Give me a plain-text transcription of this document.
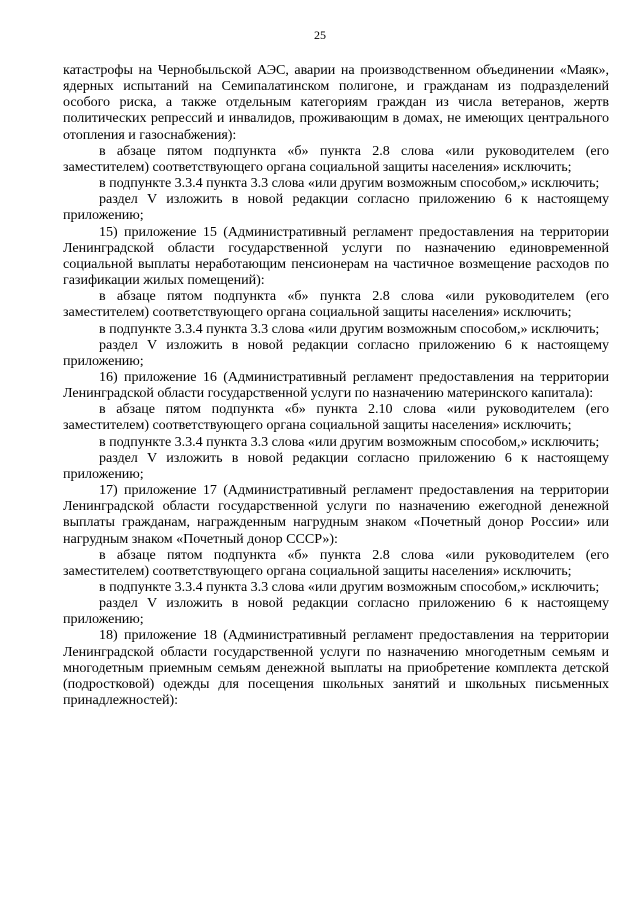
25

катастрофы на Чернобыльской АЭС, аварии на производственном объединении «Маяк», ядерных испытаний на Семипалатинском полигоне, и гражданам из подразделений особого риска, а также отдельным категориям граждан из числа ветеранов, жертв политических репрессий и инвалидов, проживающим в домах, не имеющих центрального отопления и газоснабжения):

в абзаце пятом подпункта «б» пункта 2.8 слова «или руководителем (его заместителем) соответствующего органа социальной защиты населения» исключить;

в подпункте 3.3.4 пункта 3.3 слова «или другим возможным способом,» исключить;

раздел V изложить в новой редакции согласно приложению 6 к настоящему приложению;

15) приложение 15 (Административный регламент предоставления на территории Ленинградской области государственной услуги по назначению единовременной социальной выплаты неработающим пенсионерам на частичное возмещение расходов по газификации жилых помещений):

в абзаце пятом подпункта «б» пункта 2.8 слова «или руководителем (его заместителем) соответствующего органа социальной защиты населения» исключить;

в подпункте 3.3.4 пункта 3.3 слова «или другим возможным способом,» исключить;

раздел V изложить в новой редакции согласно приложению 6 к настоящему приложению;

16) приложение 16 (Административный регламент предоставления на территории Ленинградской области государственной услуги по назначению материнского капитала):

в абзаце пятом подпункта «б» пункта 2.10 слова «или руководителем (его заместителем) соответствующего органа социальной защиты населения» исключить;

в подпункте 3.3.4 пункта 3.3 слова «или другим возможным способом,» исключить;

раздел V изложить в новой редакции согласно приложению 6 к настоящему приложению;

17) приложение 17 (Административный регламент предоставления на территории Ленинградской области государственной услуги по назначению ежегодной денежной выплаты гражданам, награжденным нагрудным знаком «Почетный донор России» или нагрудным знаком «Почетный донор СССР»):

в абзаце пятом подпункта «б» пункта 2.8 слова «или руководителем (его заместителем) соответствующего органа социальной защиты населения» исключить;

в подпункте 3.3.4 пункта 3.3 слова «или другим возможным способом,» исключить;

раздел V изложить в новой редакции согласно приложению 6 к настоящему приложению;

18) приложение 18 (Административный регламент предоставления на территории Ленинградской области государственной услуги по назначению многодетным семьям и многодетным приемным семьям денежной выплаты на приобретение комплекта детской (подростковой) одежды для посещения школьных занятий и школьных письменных принадлежностей):
